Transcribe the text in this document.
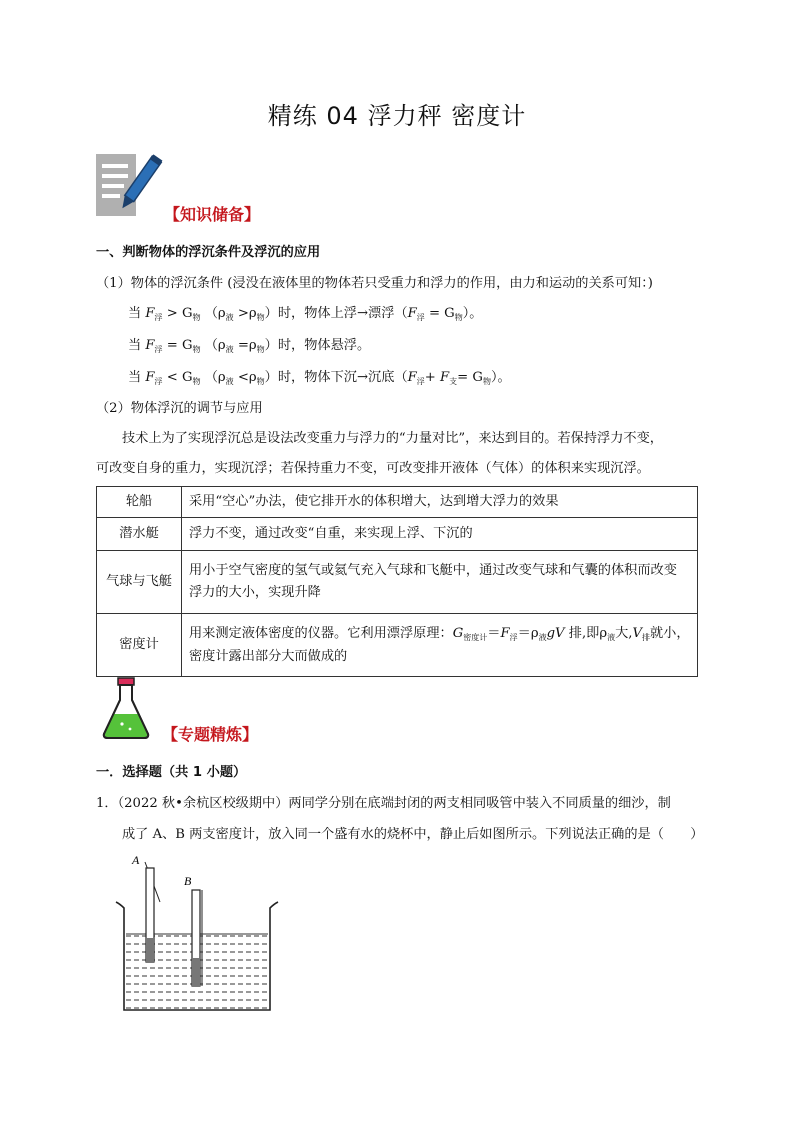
精练 04 浮力秤 密度计
【知识储备】
一、判断物体的浮沉条件及浮沉的应用
（1）物体的浮沉条件 (浸没在液体里的物体若只受重力和浮力的作用，由力和运动的关系可知：)
当 $F_浮 > G_物$ $(\rho_液 >\rho_物)$时，物体上浮→漂浮$(F_浮 = G_物)$。
当 $F_浮 = G_物$ $(\rho_液 =\rho_物)$时，物体悬浮。
当 $F_浮 < G_物$ $(\rho_液 <\rho_物)$时，物体下沉→沉底$(F_浮+ F_支= G_物)$。
（2）物体浮沉的调节与应用
技术上为了实现浮沉总是设法改变重力与浮力的“力量对比”，来达到目的。若保持浮力不变，
可改变自身的重力，实现沉浮；若保持重力不变，可改变排开液体（气体）的体积来实现沉浮。
轮船	采用“空心”办法，使它排开水的体积增大，达到增大浮力的效果
潜水艇	浮力不变，通过改变“自重，来实现上浮、下沉的
气球与飞艇	用小于空气密度的氢气或氦气充入气球和飞艇中，通过改变气球和气囊的体积而改变浮力的大小，实现升降
密度计	用来测定液体密度的仪器。它利用漂浮原理：$G_{密度计}=F_浮=\rho_液gV$ 排,即$\rho_液$大$,V_排$就小，密度计露出部分大而做成的
【专题精炼】
一．选择题（共 1 小题）
1．（2022 秋•余杭区校级期中）两同学分别在底端封闭的两支相同吸管中装入不同质量的细沙，制
成了 A、B 两支密度计，放入同一个盛有水的烧杯中，静止后如图所示。下列说法正确的是（　　）
A
B
